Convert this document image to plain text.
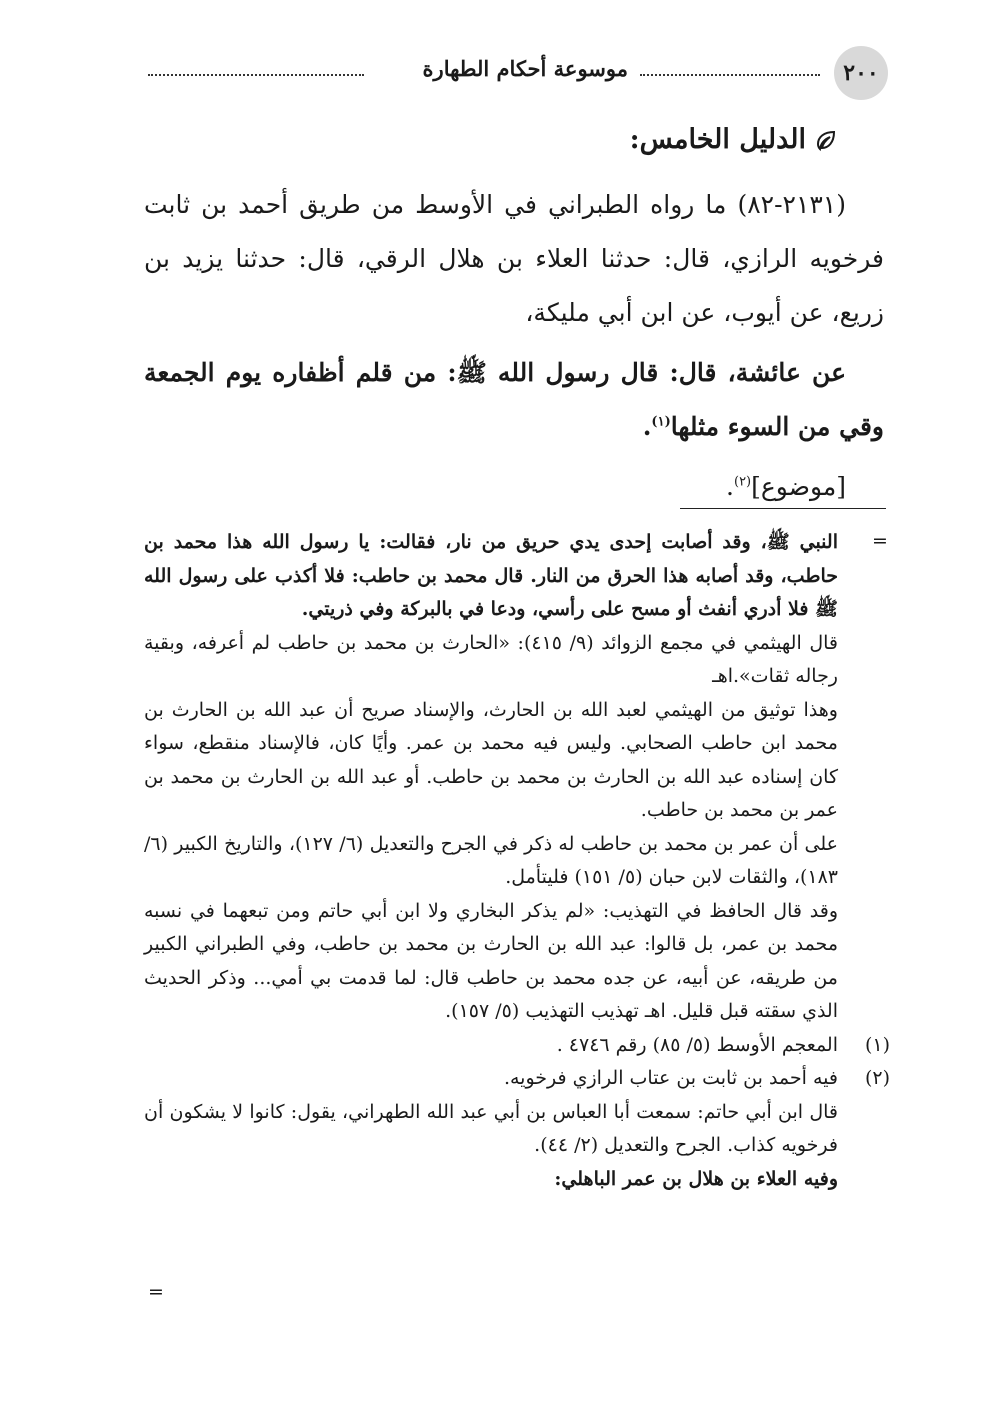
٢٠٠
موسوعة أحكام الطهارة
الدليل الخامس:

(٢١٣١-٨٢) ما رواه الطبراني في الأوسط من طريق أحمد بن ثابت فرخويه الرازي، قال: حدثنا العلاء بن هلال الرقي، قال: حدثنا يزيد بن زريع، عن أيوب، عن ابن أبي مليكة،

عن عائشة، قال: قال رسول الله ﷺ: من قلم أظفاره يوم الجمعة وقي من السوء مثلها$^{(١)}$.

[موضوع]$^{(٢)}$.

=

النبي ﷺ، وقد أصابت إحدى يدي حريق من نار، فقالت: يا رسول الله هذا محمد بن حاطب، وقد أصابه هذا الحرق من النار. قال محمد بن حاطب: فلا أكذب على رسول الله ﷺ فلا أدري أنفث أو مسح على رأسي، ودعا في بالبركة وفي ذريتي.

قال الهيثمي في مجمع الزوائد (٩/ ٤١٥): «الحارث بن محمد بن حاطب لم أعرفه، وبقية رجاله ثقات».اهـ

وهذا توثيق من الهيثمي لعبد الله بن الحارث، والإسناد صريح أن عبد الله بن الحارث بن محمد ابن حاطب الصحابي. وليس فيه محمد بن عمر. وأيًا كان، فالإسناد منقطع، سواء كان إسناده عبد الله بن الحارث بن محمد بن حاطب. أو عبد الله بن الحارث بن محمد بن عمر بن محمد بن حاطب.

على أن عمر بن محمد بن حاطب له ذكر في الجرح والتعديل (٦/ ١٢٧)، والتاريخ الكبير (٦/ ١٨٣)، والثقات لابن حبان (٥/ ١٥١) فليتأمل.

وقد قال الحافظ في التهذيب: «لم يذكر البخاري ولا ابن أبي حاتم ومن تبعهما في نسبه محمد بن عمر، بل قالوا: عبد الله بن الحارث بن محمد بن حاطب، وفي الطبراني الكبير من طريقه، عن أبيه، عن جده محمد بن حاطب قال: لما قدمت بي أمي... وذكر الحديث الذي سقته قبل قليل. اهـ تهذيب التهذيب (٥/ ١٥٧).

(١)
المعجم الأوسط (٥/ ٨٥) رقم ٤٧٤٦ .

(٢)
فيه أحمد بن ثابت بن عتاب الرازي فرخويه.

قال ابن أبي حاتم: سمعت أبا العباس بن أبي عبد الله الطهراني، يقول: كانوا لا يشكون أن فرخويه كذاب. الجرح والتعديل (٢/ ٤٤).

وفيه العلاء بن هلال بن عمر الباهلي:

=
